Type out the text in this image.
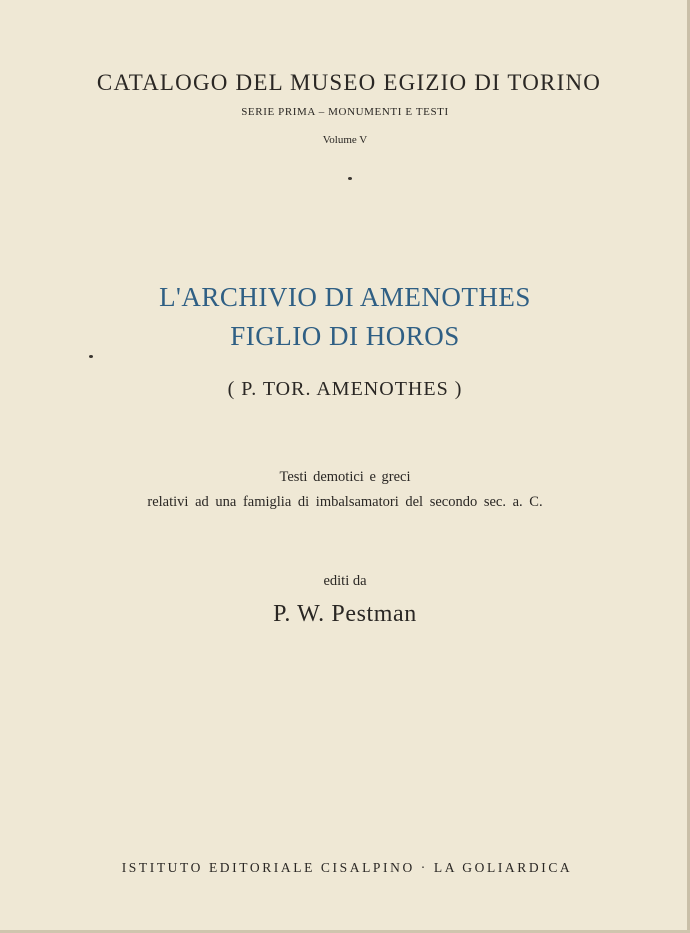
CATALOGO DEL MUSEO EGIZIO DI TORINO
SERIE PRIMA – MONUMENTI E TESTI
Volume V
L'ARCHIVIO DI AMENOTHES
FIGLIO DI HOROS
( P. TOR. AMENOTHES )
Testi demotici e greci
relativi ad una famiglia di imbalsamatori del secondo sec. a. C.
editi da
P. W. Pestman
ISTITUTO EDITORIALE CISALPINO · LA GOLIARDICA
